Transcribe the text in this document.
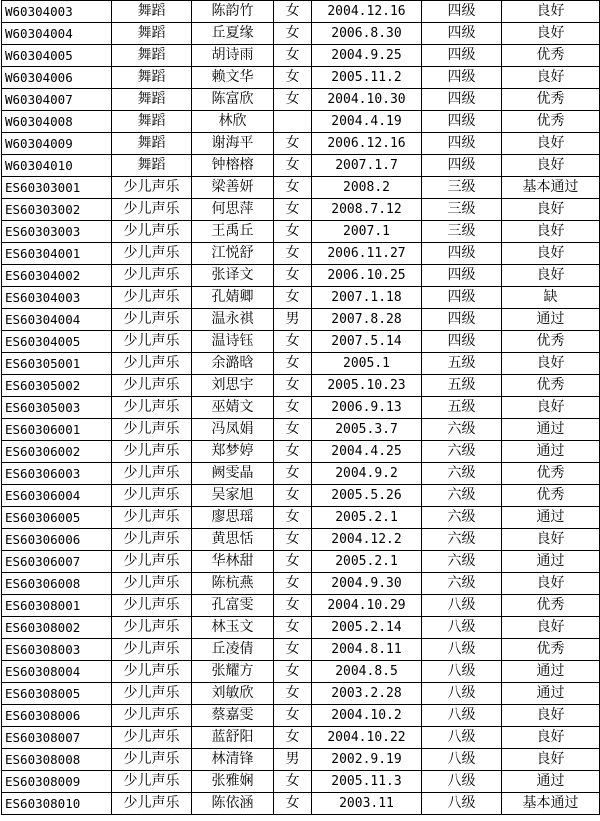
W60304003	舞蹈	陈韵竹	女	2004.12.16	四级	良好
W60304004	舞蹈	丘夏缘	女	2006.8.30	四级	良好
W60304005	舞蹈	胡诗雨	女	2004.9.25	四级	优秀
W60304006	舞蹈	赖文华	女	2005.11.2	四级	良好
W60304007	舞蹈	陈富欣	女	2004.10.30	四级	优秀
W60304008	舞蹈	林欣		2004.4.19	四级	优秀
W60304009	舞蹈	谢海平	女	2006.12.16	四级	良好
W60304010	舞蹈	钟榕榕	女	2007.1.7	四级	良好
ES60303001	少儿声乐	梁善妍	女	2008.2	三级	基本通过
ES60303002	少儿声乐	何思萍	女	2008.7.12	三级	良好
ES60303003	少儿声乐	王禹丘	女	2007.1	三级	良好
ES60304001	少儿声乐	江悦舒	女	2006.11.27	四级	良好
ES60304002	少儿声乐	张译文	女	2006.10.25	四级	良好
ES60304003	少儿声乐	孔婧卿	女	2007.1.18	四级	缺
ES60304004	少儿声乐	温永祺	男	2007.8.28	四级	通过
ES60304005	少儿声乐	温诗钰	女	2007.5.14	四级	优秀
ES60305001	少儿声乐	余潞晗	女	2005.1	五级	良好
ES60305002	少儿声乐	刘思宇	女	2005.10.23	五级	优秀
ES60305003	少儿声乐	巫婧文	女	2006.9.13	五级	良好
ES60306001	少儿声乐	冯凤娟	女	2005.3.7	六级	通过
ES60306002	少儿声乐	郑梦婷	女	2004.4.25	六级	通过
ES60306003	少儿声乐	阙雯晶	女	2004.9.2	六级	优秀
ES60306004	少儿声乐	吴家旭	女	2005.5.26	六级	优秀
ES60306005	少儿声乐	廖思瑶	女	2005.2.1	六级	通过
ES60306006	少儿声乐	黄思恬	女	2004.12.2	六级	良好
ES60306007	少儿声乐	华林甜	女	2005.2.1	六级	通过
ES60306008	少儿声乐	陈杭燕	女	2004.9.30	六级	良好
ES60308001	少儿声乐	孔富雯	女	2004.10.29	八级	优秀
ES60308002	少儿声乐	林玉文	女	2005.2.14	八级	良好
ES60308003	少儿声乐	丘凌倩	女	2004.8.11	八级	优秀
ES60308004	少儿声乐	张耀方	女	2004.8.5	八级	通过
ES60308005	少儿声乐	刘敏欣	女	2003.2.28	八级	通过
ES60308006	少儿声乐	蔡嘉雯	女	2004.10.2	八级	良好
ES60308007	少儿声乐	蓝舒阳	女	2004.10.22	八级	良好
ES60308008	少儿声乐	林清锋	男	2002.9.19	八级	良好
ES60308009	少儿声乐	张雅娴	女	2005.11.3	八级	通过
ES60308010	少儿声乐	陈依涵	女	2003.11	八级	基本通过
